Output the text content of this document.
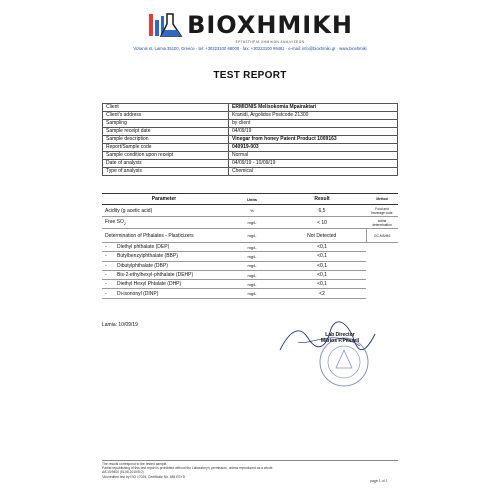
BIOXHMIKH
ΕΡΓΑΣΤΗΡΙΑ ΧΗΜΙΚΩΝ ΑΝΑΛΥΣΕΩΝ
Vizianis st. Lamia 35100, Greece · tel: +30223100 68000 · fax: +30223100 99461 · e-mail: info@bioxhmiki.gr · www.bioxhmiki
TEST REPORT
Client	ERMIONIS Melisokomia Mpairaktari
Client's address	Kranidi, Argolidos Postcode 21300
Sampling	by client
Sample receipt date	04/09/19
Sample description	Vinegar from honey Patent Product 1009163
Report/Sample code	040919-003
Sample condition upon receipt	Normal
Date of analysis	04/09/19 - 10/09/19
Type of analysis	Chemical
Parameter	Units	Result	Method
Acidity (g acetic acid)	%	6,5	Food and beverage code
Free $SO_2$	mg/L	< 10	iodine determination
Determination of Pthalates - Plasticizers	mg/L	Not Detected	GC-MS/MS
- Diethyl phthalate (DEP)	mg/L	<0,1	
- Butylbenzylphthalate (BBP)	mg/L	<0,1	
- Dibutylphthalate (DBP)	mg/L	<0,1	
- Bis-2-ethylhexyl-phthalate (DEHP)	mg/L	<0,1	
- Diethyl Hexyl Phtalate (DHP)	mg/L	<0,1	
- Di-isononyl (DINP)	mg/L	<2	
Lamia: 10/09/19
Lab Director
Marios P.Pitsaril
The results correspond to the tested sample.
Partial republishing of this test report is prohibited without the Laboratory's permission, unless reproduced as a whole.
AA 10/9400 (EL08.2015/5.0)
*Accredited test by ISO 17025, Certificate No. 685 ESYD
page 1 of 1
